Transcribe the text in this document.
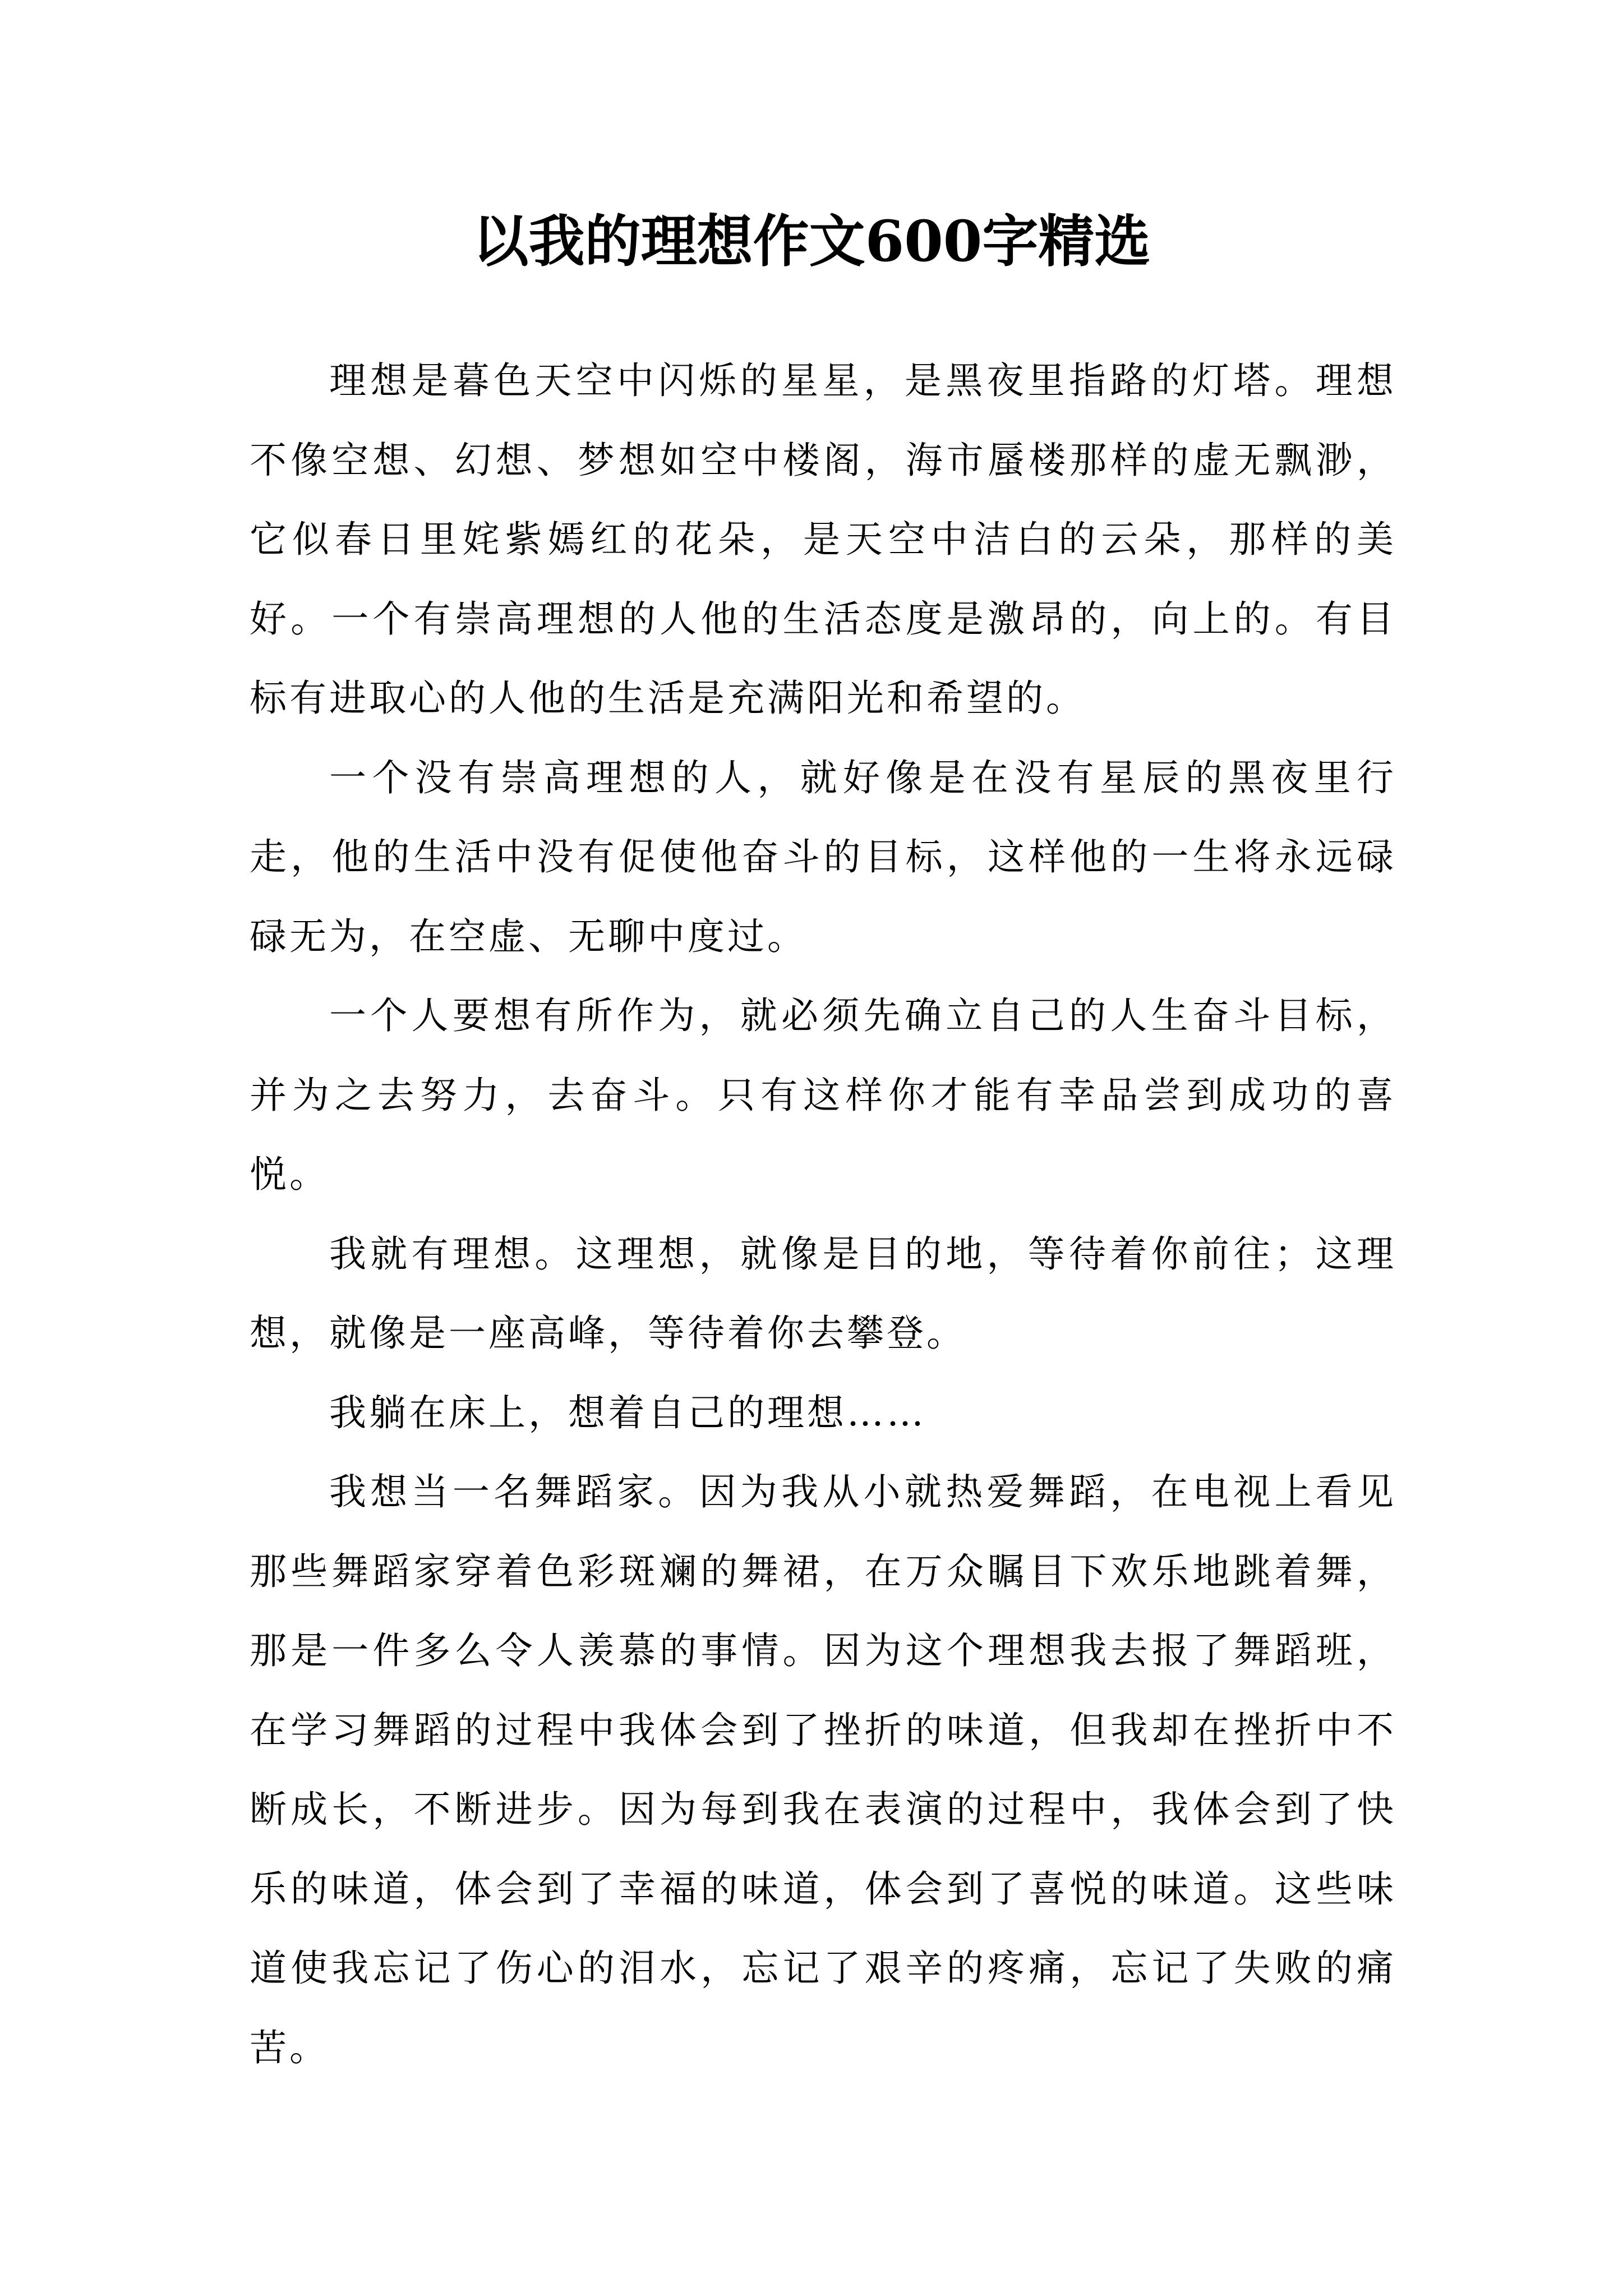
以我的理想作文600字精选

理想是暮色天空中闪烁的星星，是黑夜里指路的灯塔。理想不像空想、幻想、梦想如空中楼阁，海市蜃楼那样的虚无飘渺，它似春日里姹紫嫣红的花朵，是天空中洁白的云朵，那样的美好。一个有崇高理想的人他的生活态度是激昂的，向上的。有目标有进取心的人他的生活是充满阳光和希望的。

一个没有崇高理想的人，就好像是在没有星辰的黑夜里行走，他的生活中没有促使他奋斗的目标，这样他的一生将永远碌碌无为，在空虚、无聊中度过。

一个人要想有所作为，就必须先确立自己的人生奋斗目标，并为之去努力，去奋斗。只有这样你才能有幸品尝到成功的喜悦。

我就有理想。这理想，就像是目的地，等待着你前往；这理想，就像是一座高峰，等待着你去攀登。

我躺在床上，想着自己的理想……

我想当一名舞蹈家。因为我从小就热爱舞蹈，在电视上看见那些舞蹈家穿着色彩斑斓的舞裙，在万众瞩目下欢乐地跳着舞，那是一件多么令人羡慕的事情。因为这个理想我去报了舞蹈班，在学习舞蹈的过程中我体会到了挫折的味道，但我却在挫折中不断成长，不断进步。因为每到我在表演的过程中，我体会到了快乐的味道，体会到了幸福的味道，体会到了喜悦的味道。这些味道使我忘记了伤心的泪水，忘记了艰辛的疼痛，忘记了失败的痛苦。
